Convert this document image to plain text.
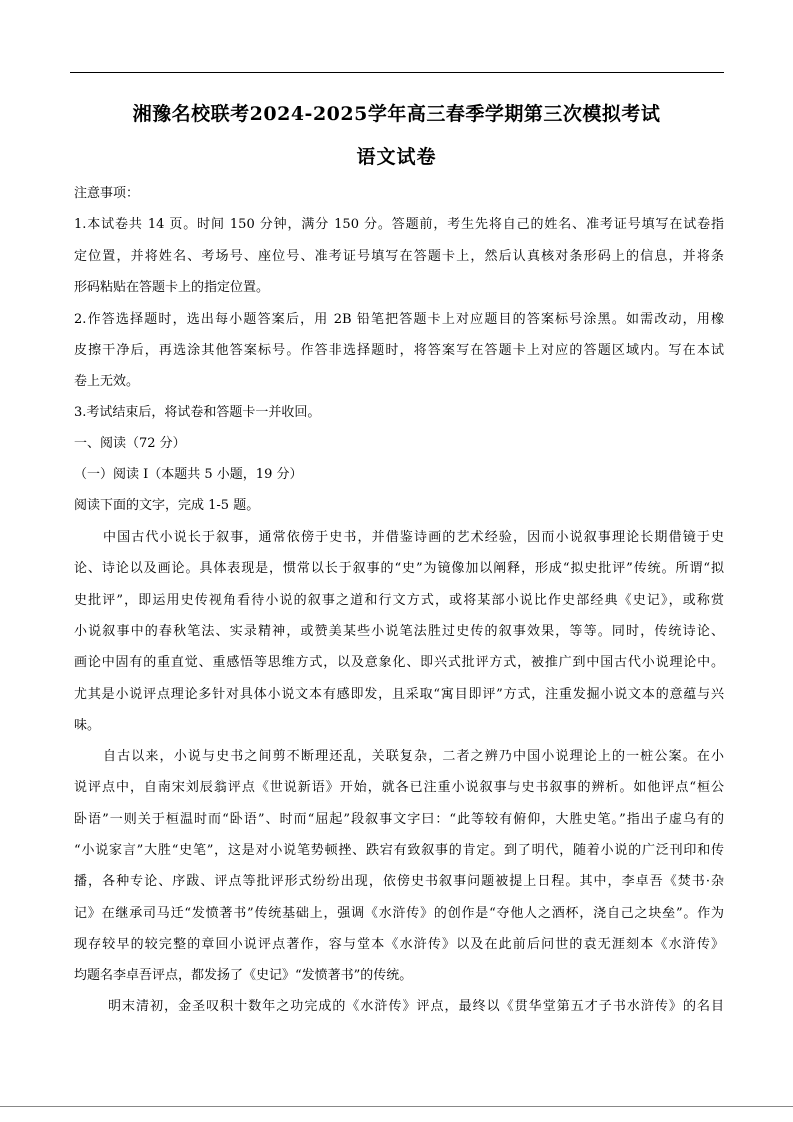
湘豫名校联考2024-2025学年高三春季学期第三次模拟考试
语文试卷
注意事项：
1.本试卷共 14 页。时间 150 分钟，满分 150 分。答题前，考生先将自己的姓名、准考证号填写在试卷指
定位置，并将姓名、考场号、座位号、准考证号填写在答题卡上，然后认真核对条形码上的信息，并将条
形码粘贴在答题卡上的指定位置。
2.作答选择题时，选出每小题答案后，用 2B 铅笔把答题卡上对应题目的答案标号涂黑。如需改动，用橡
皮擦干净后，再选涂其他答案标号。作答非选择题时，将答案写在答题卡上对应的答题区域内。写在本试
卷上无效。
3.考试结束后，将试卷和答题卡一并收回。
一、阅读（72 分）
（一）阅读 I（本题共 5 小题，19 分）
阅读下面的文字，完成 1-5 题。
中国古代小说长于叙事，通常依傍于史书，并借鉴诗画的艺术经验，因而小说叙事理论长期借镜于史
论、诗论以及画论。具体表现是，惯常以长于叙事的“史”为镜像加以阐释，形成“拟史批评”传统。所谓“拟
史批评”，即运用史传视角看待小说的叙事之道和行文方式，或将某部小说比作史部经典《史记》，或称赏
小说叙事中的春秋笔法、实录精神，或赞美某些小说笔法胜过史传的叙事效果，等等。同时，传统诗论、
画论中固有的重直觉、重感悟等思维方式，以及意象化、即兴式批评方式，被推广到中国古代小说理论中。
尤其是小说评点理论多针对具体小说文本有感即发，且采取“寓目即评”方式，注重发掘小说文本的意蕴与兴
味。
自古以来，小说与史书之间剪不断理还乱，关联复杂，二者之辨乃中国小说理论上的一桩公案。在小
说评点中，自南宋刘辰翁评点《世说新语》开始，就各已注重小说叙事与史书叙事的辨析。如他评点“桓公
卧语”一则关于桓温时而“卧语”、时而“屈起”段叙事文字曰：“此等较有俯仰，大胜史笔。”指出子虚乌有的
“小说家言”大胜“史笔”，这是对小说笔势顿挫、跌宕有致叙事的肯定。到了明代，随着小说的广泛刊印和传
播，各种专论、序跋、评点等批评形式纷纷出现，依傍史书叙事问题被提上日程。其中，李卓吾《焚书·杂
记》在继承司马迁“发愤著书”传统基础上，强调《水浒传》的创作是“夺他人之酒杯，浇自己之块垒”。作为
现存较早的较完整的章回小说评点著作，容与堂本《水浒传》以及在此前后问世的袁无涯刻本《水浒传》
均题名李卓吾评点，都发扬了《史记》“发愤著书”的传统。
明末清初，金圣叹积十数年之功完成的《水浒传》评点，最终以《贯华堂第五才子书水浒传》的名目
